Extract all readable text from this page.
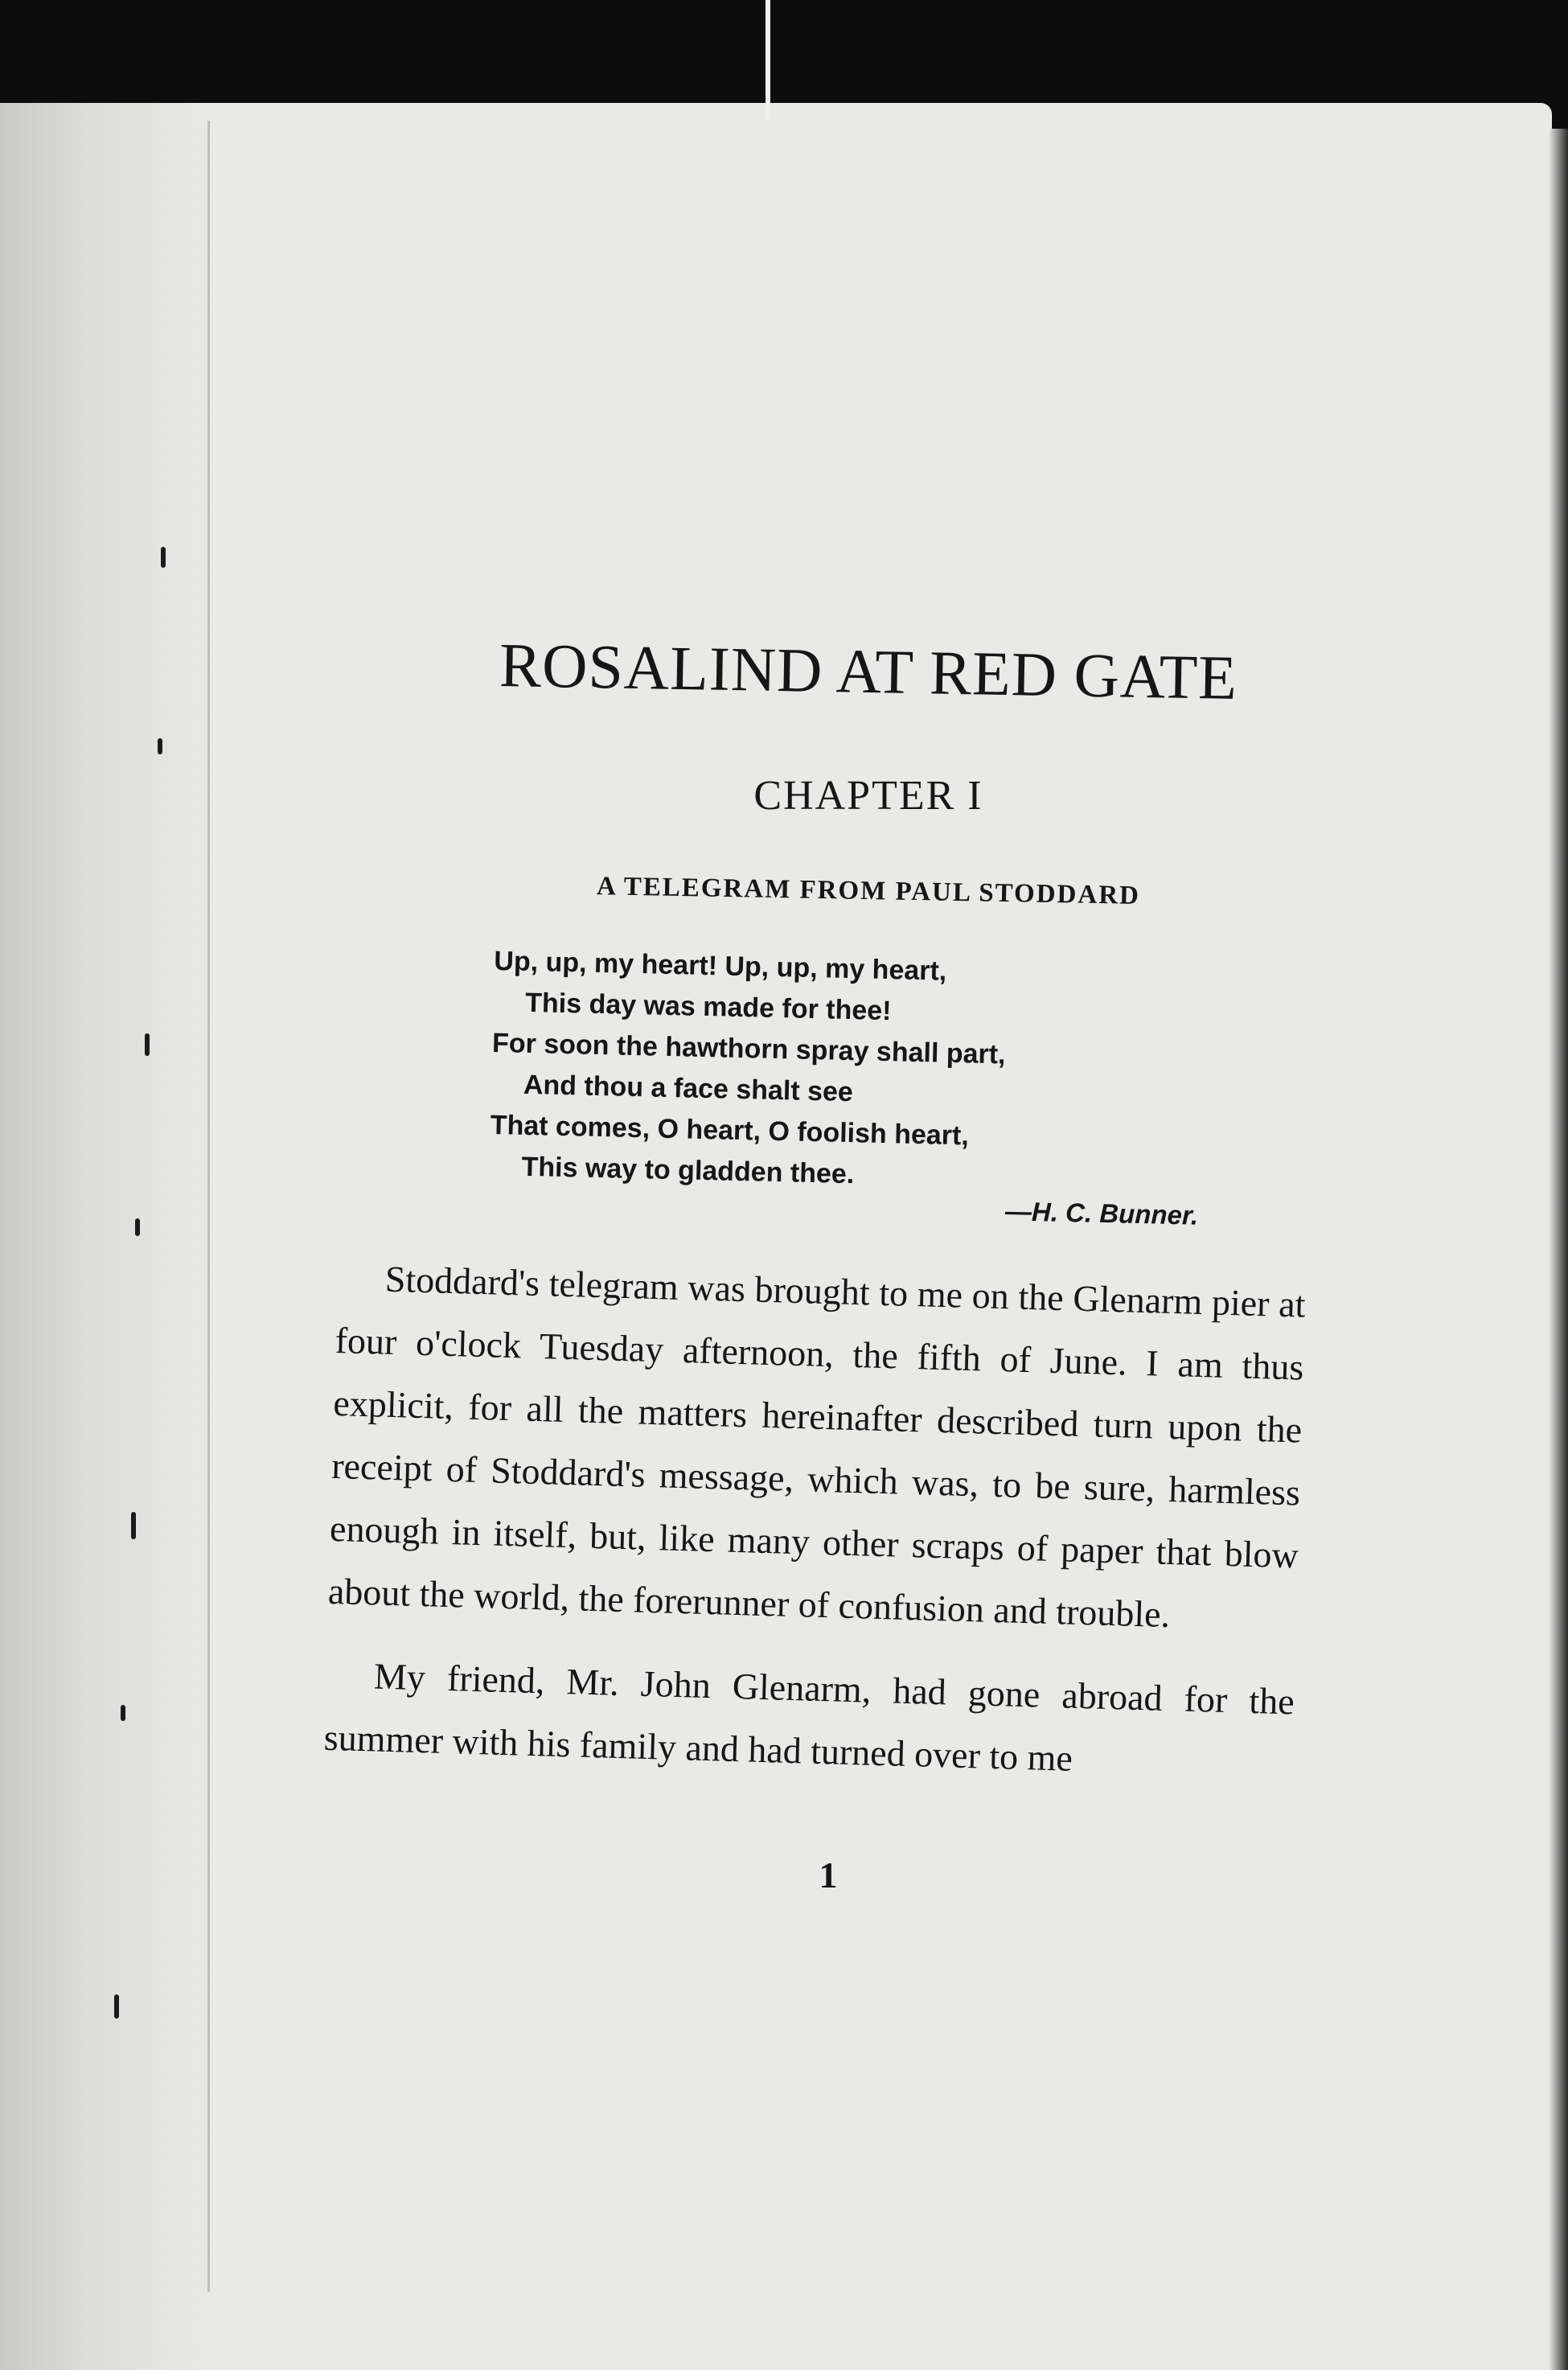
ROSALIND AT RED GATE
CHAPTER I
A TELEGRAM FROM PAUL STODDARD
Up, up, my heart! Up, up, my heart,
This day was made for thee!
For soon the hawthorn spray shall part,
And thou a face shalt see
That comes, O heart, O foolish heart,
This way to gladden thee.
—H. C. Bunner.

Stoddard's telegram was brought to me on the Glenarm pier at four o'clock Tuesday afternoon, the fifth of June. I am thus explicit, for all the matters hereinafter described turn upon the receipt of Stoddard's message, which was, to be sure, harmless enough in itself, but, like many other scraps of paper that blow about the world, the forerunner of confusion and trouble.

My friend, Mr. John Glenarm, had gone abroad for the summer with his family and had turned over to me

1
